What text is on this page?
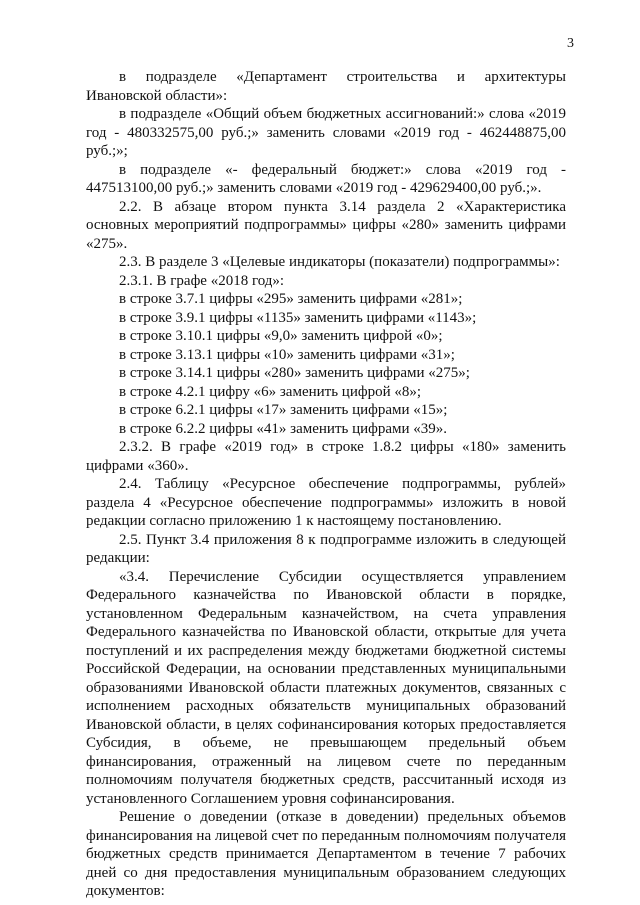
3
в подразделе «Департамент строительства и архитектуры Ивановской области»:
в подразделе «Общий объем бюджетных ассигнований:» слова «2019 год - 480332575,00 руб.;» заменить словами «2019 год - 462448875,00 руб.;»;
в подразделе «- федеральный бюджет:» слова «2019 год - 447513100,00 руб.;» заменить словами «2019 год - 429629400,00 руб.;».
2.2. В абзаце втором пункта 3.14 раздела 2 «Характеристика основных мероприятий подпрограммы» цифры «280» заменить цифрами «275».
2.3. В разделе 3 «Целевые индикаторы (показатели) подпрограммы»:
2.3.1. В графе «2018 год»:
в строке 3.7.1 цифры «295» заменить цифрами «281»;
в строке 3.9.1 цифры «1135» заменить цифрами «1143»;
в строке 3.10.1 цифры «9,0» заменить цифрой «0»;
в строке 3.13.1 цифры «10» заменить цифрами «31»;
в строке 3.14.1 цифры «280» заменить цифрами «275»;
в строке 4.2.1 цифру «6» заменить цифрой «8»;
в строке 6.2.1 цифры «17» заменить цифрами «15»;
в строке 6.2.2 цифры «41» заменить цифрами «39».
2.3.2. В графе «2019 год» в строке 1.8.2 цифры «180» заменить цифрами «360».
2.4. Таблицу «Ресурсное обеспечение подпрограммы, рублей» раздела 4 «Ресурсное обеспечение подпрограммы» изложить в новой редакции согласно приложению 1 к настоящему постановлению.
2.5. Пункт 3.4 приложения 8 к подпрограмме изложить в следующей редакции:
«3.4. Перечисление Субсидии осуществляется управлением Федерального казначейства по Ивановской области в порядке, установленном Федеральным казначейством, на счета управления Федерального казначейства по Ивановской области, открытые для учета поступлений и их распределения между бюджетами бюджетной системы Российской Федерации, на основании представленных муниципальными образованиями Ивановской области платежных документов, связанных с исполнением расходных обязательств муниципальных образований Ивановской области, в целях софинансирования которых предоставляется Субсидия, в объеме, не превышающем предельный объем финансирования, отраженный на лицевом счете по переданным полномочиям получателя бюджетных средств, рассчитанный исходя из установленного Соглашением уровня софинансирования.
Решение о доведении (отказе в доведении) предельных объемов финансирования на лицевой счет по переданным полномочиям получателя бюджетных средств принимается Департаментом в течение 7 рабочих дней со дня предоставления муниципальным образованием следующих документов:
